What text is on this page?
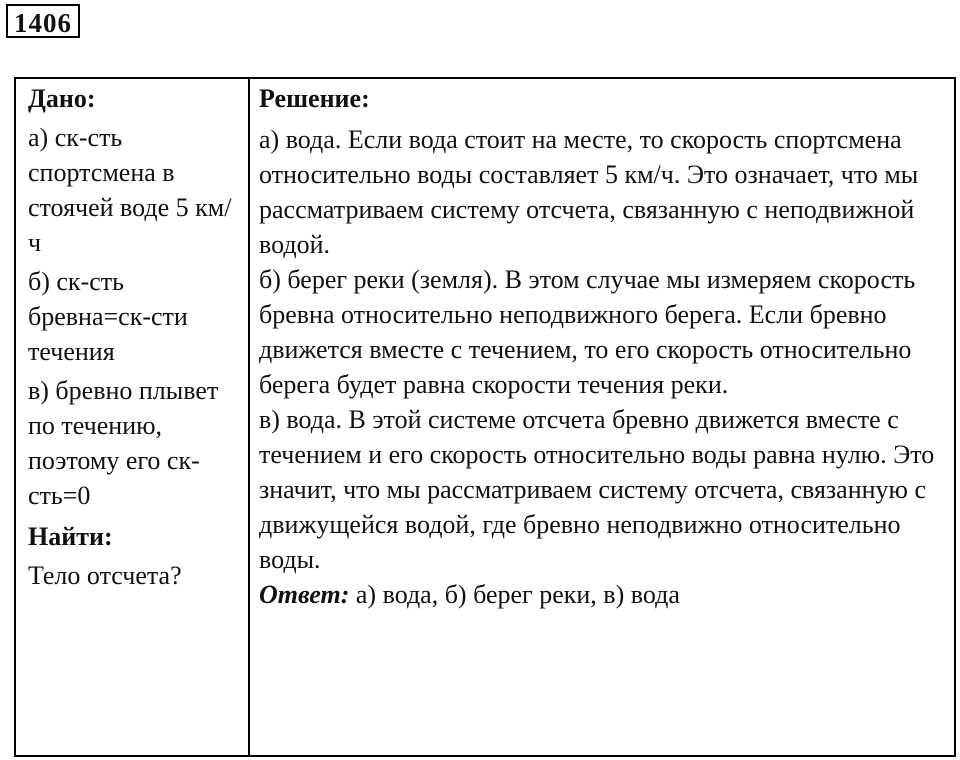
1406
Дано:
а) ск-сть спортсмена в стоячей воде 5 км/ч
б) ск-сть бревна=ск-сти течения
в) бревно плывет по течению, поэтому его ск-сть=0
Найти:
Тело отсчета?
Решение:
а) вода. Если вода стоит на месте, то скорость спортсмена относительно воды составляет 5 км/ч. Это означает, что мы рассматриваем систему отсчета, связанную с неподвижной водой.
б) берег реки (земля). В этом случае мы измеряем скорость бревна относительно неподвижного берега. Если бревно движется вместе с течением, то его скорость относительно берега будет равна скорости течения реки.
в) вода. В этой системе отсчета бревно движется вместе с течением и его скорость относительно воды равна нулю. Это значит, что мы рассматриваем систему отсчета, связанную с движущейся водой, где бревно неподвижно относительно воды.
Ответ: а) вода, б) берег реки, в) вода
